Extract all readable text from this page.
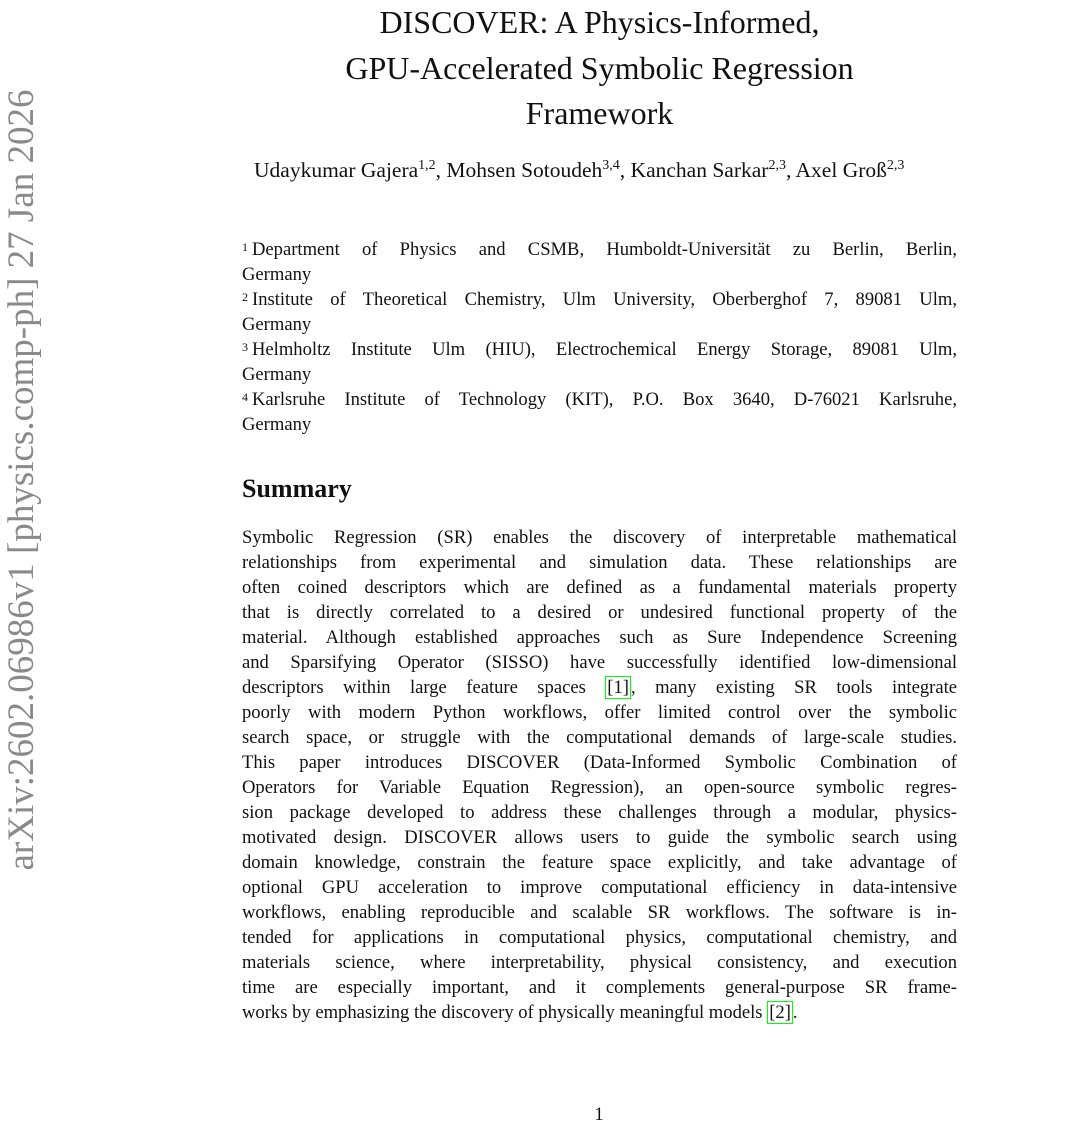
arXiv:2602.06986v1 [physics.comp-ph] 27 Jan 2026
DISCOVER: A Physics-Informed,
GPU-Accelerated Symbolic Regression
Framework
Udaykumar Gajera$^{1,2}$, Mohsen Sotoudeh$^{3,4}$, Kanchan Sarkar$^{2,3}$, Axel Groß$^{2,3}$
$^1$ Department of Physics and CSMB, Humboldt-Universität zu Berlin, Berlin,
Germany
$^2$ Institute of Theoretical Chemistry, Ulm University, Oberberghof 7, 89081 Ulm,
Germany
$^3$ Helmholtz Institute Ulm (HIU), Electrochemical Energy Storage, 89081 Ulm,
Germany
$^4$ Karlsruhe Institute of Technology (KIT), P.O. Box 3640, D-76021 Karlsruhe,
Germany
Summary
Symbolic Regression (SR) enables the discovery of interpretable mathematical
relationships from experimental and simulation data. These relationships are
often coined descriptors which are defined as a fundamental materials property
that is directly correlated to a desired or undesired functional property of the
material. Although established approaches such as Sure Independence Screening
and Sparsifying Operator (SISSO) have successfully identified low-dimensional
descriptors within large feature spaces [1] , many existing SR tools integrate
poorly with modern Python workflows, offer limited control over the symbolic
search space, or struggle with the computational demands of large-scale studies.
This paper introduces DISCOVER (Data-Informed Symbolic Combination of
Operators for Variable Equation Regression), an open-source symbolic regres-
sion package developed to address these challenges through a modular, physics-
motivated design. DISCOVER allows users to guide the symbolic search using
domain knowledge, constrain the feature space explicitly, and take advantage of
optional GPU acceleration to improve computational efficiency in data-intensive
workflows, enabling reproducible and scalable SR workflows. The software is in-
tended for applications in computational physics, computational chemistry, and
materials science, where interpretability, physical consistency, and execution
time are especially important, and it complements general-purpose SR frame-
works by emphasizing the discovery of physically meaningful models [2] .
1
